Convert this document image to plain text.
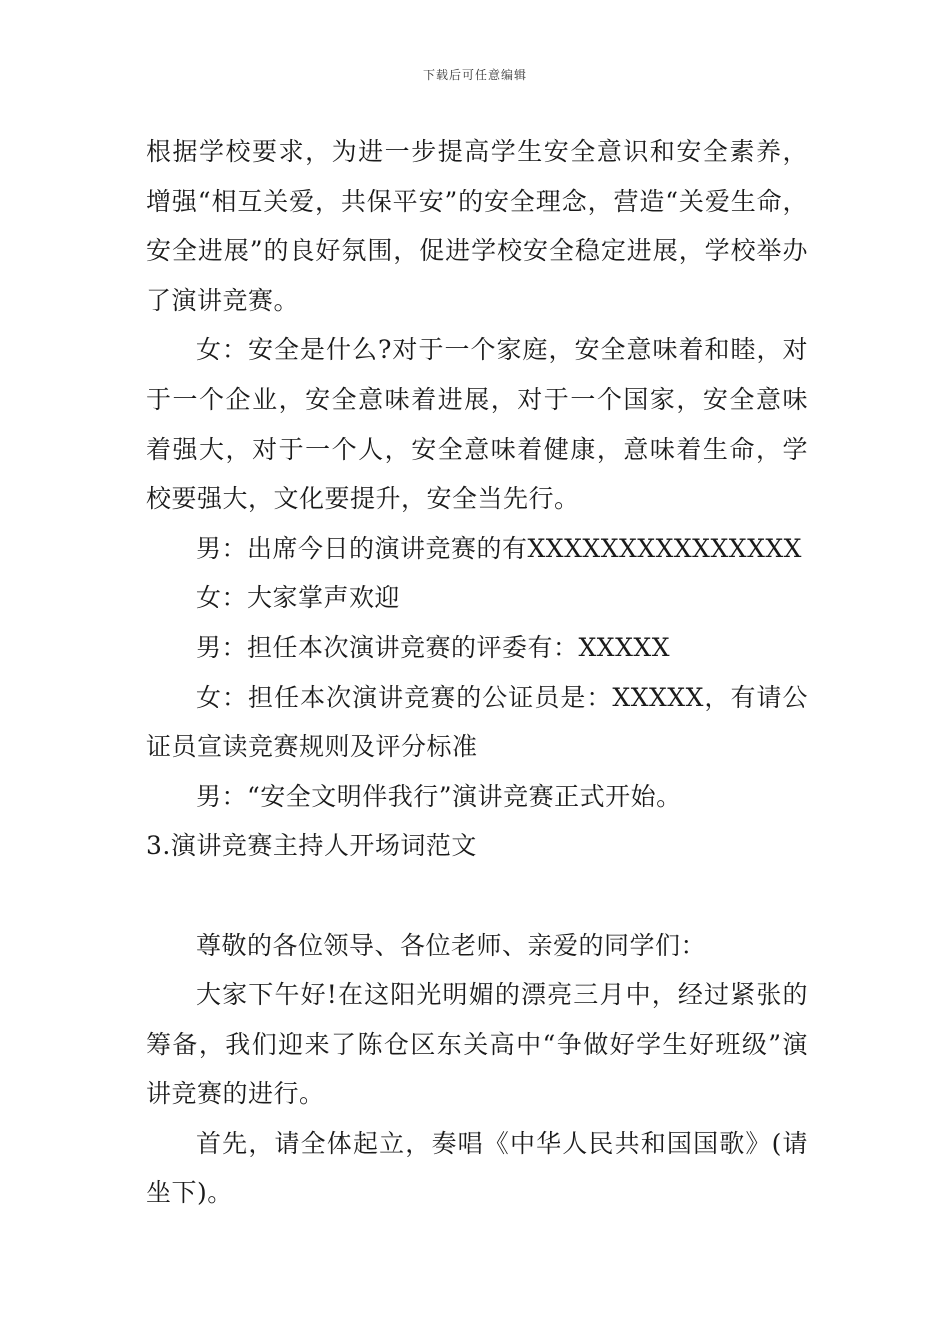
下载后可任意编辑

根据学校要求，为进一步提高学生安全意识和安全素养，增强“相互关爱，共保平安”的安全理念，营造“关爱生命，安全进展”的良好氛围，促进学校安全稳定进展，学校举办了演讲竞赛。

女：安全是什么?对于一个家庭，安全意味着和睦，对于一个企业，安全意味着进展，对于一个国家，安全意味着强大，对于一个人，安全意味着健康，意味着生命，学校要强大，文化要提升，安全当先行。

男：出席今日的演讲竞赛的有XXXXXXXXXXXXXXX

女：大家掌声欢迎

男：担任本次演讲竞赛的评委有：XXXXX

女：担任本次演讲竞赛的公证员是：XXXXX，有请公证员宣读竞赛规则及评分标准

男：“安全文明伴我行”演讲竞赛正式开始。

3.演讲竞赛主持人开场词范文

尊敬的各位领导、各位老师、亲爱的同学们：

大家下午好!在这阳光明媚的漂亮三月中，经过紧张的筹备，我们迎来了陈仓区东关高中“争做好学生好班级”演讲竞赛的进行。

首先，请全体起立，奏唱《中华人民共和国国歌》(请坐下)。
